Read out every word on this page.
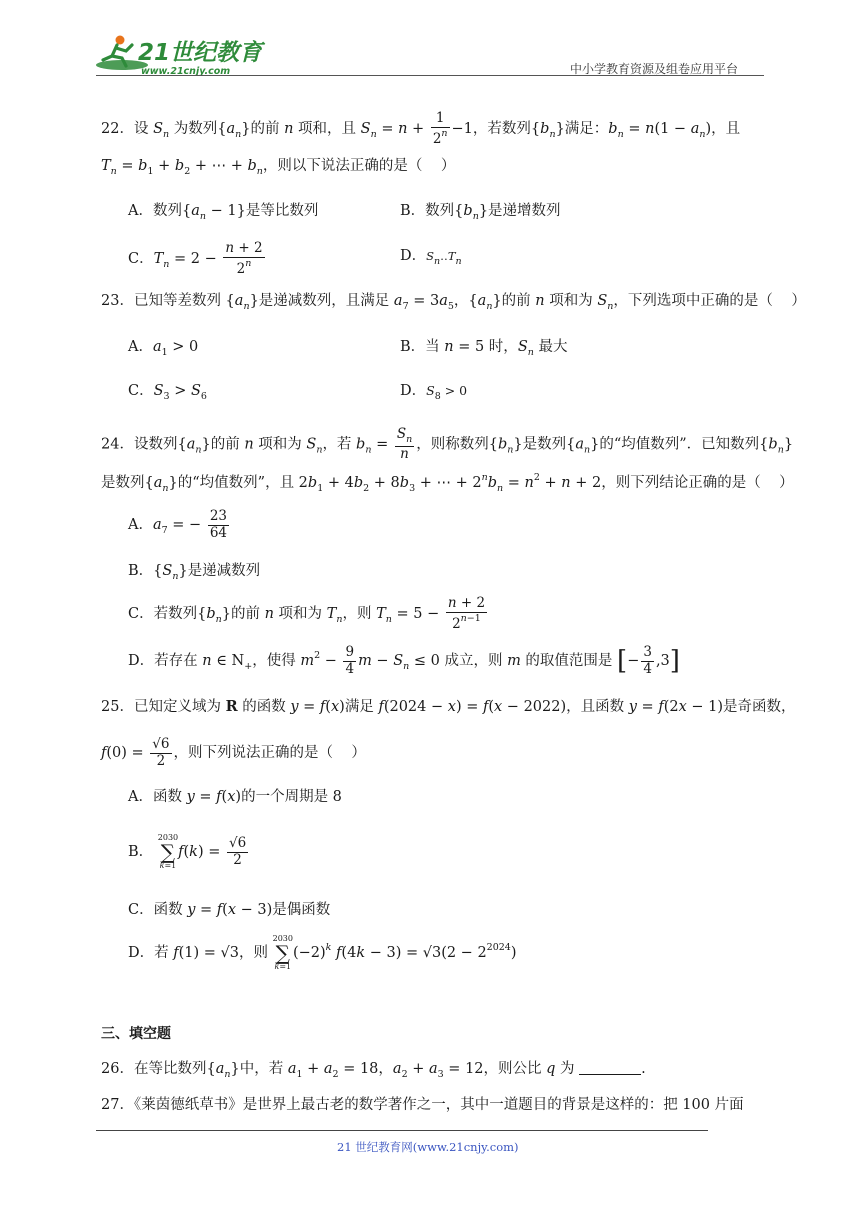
21世纪教育
www.21cnjy.com	中小学教育资源及组卷应用平台
22．设 $S_n$ 为数列$\{a_n\}$的前 n 项和，且 $S_n = n + \frac{1}{2^n} -1$，若数列$\{b_n\}$满足：$b_n = n(1 - a_n)$，且
$T_n = b_1 + b_2$ + ⋯ + $b_n$，则以下说法正确的是（    ）
A．数列$\{a_n - 1\}$是等比数列	B．数列$\{b_n\}$是递增数列
C．$T_n = 2 - \frac{n + 2}{2^n}$	D．$S_n‥T_n$
23．已知等差数列 $\{a_n\}$是递减数列，且满足 $a_7 = 3a_5$，$\{a_n\}$的前 n 项和为 $S_n$，下列选项中正确的是（    ）
A．$a_1 > 0$	B．当 n = 5 时，$S_n$ 最大
C．$S_3 > S_6$	D．$S_8 > 0$
24．设数列$\{a_n\}$的前 n 项和为 $S_n$，若 $b_n = \frac{S_n}{n}$ ，则称数列$\{b_n\}$是数列$\{a_n\}$的“均值数列”．已知数列$\{b_n\}$
是数列$\{a_n\}$的“均值数列”，且 $2b_1 + 4b_2 + 8b_3$ + ⋯ + $2^nb_n = n^2 + n + 2$，则下列结论正确的是（    ）
A．$a_7$ = − $\frac{23}{64}$
B．$\{S_n\}$是递减数列
C．若数列$\{b_n\}$的前 n 项和为 $T_n$，则 $T_n = 5 - \frac{n + 2}{2^{n-1}}$
D．若存在 n ∈ $N_+$，使得 $m^2 - \frac{9}{4}$ $m - S_n \le 0$ 成立，则 m 的取值范围是 [− $\frac{3}{4} ,3$]
25．已知定义域为 R 的函数 y = f(x)满足 f(2024 − x) = f(x − 2022)，且函数 y = f(2x − 1)是奇函数，
$f(0) = \frac{√6}{2}$ ，则下列说法正确的是（    ）
A．函数 y = f(x)的一个周期是 8
B．
2030
∑
k=1
$f(k) = \frac{√6}{2}$
C．函数 y = f(x − 3)是偶函数
D．若 f(1) = √3，则
2030
∑
k=1
$(-2)^k$ $f(4k - 3) = √3(2 - 2^{2024})$
三、填空题
26．在等比数列$\{a_n\}$中，若 $a_1 + a_2 = 18$，$a_2 + a_3 = 12$，则公比 q 为	.
27．《莱茵德纸草书》是世界上最古老的数学著作之一，其中一道题目的背景是这样的：把 100 片面
21 世纪教育网(www.21cnjy.com)
